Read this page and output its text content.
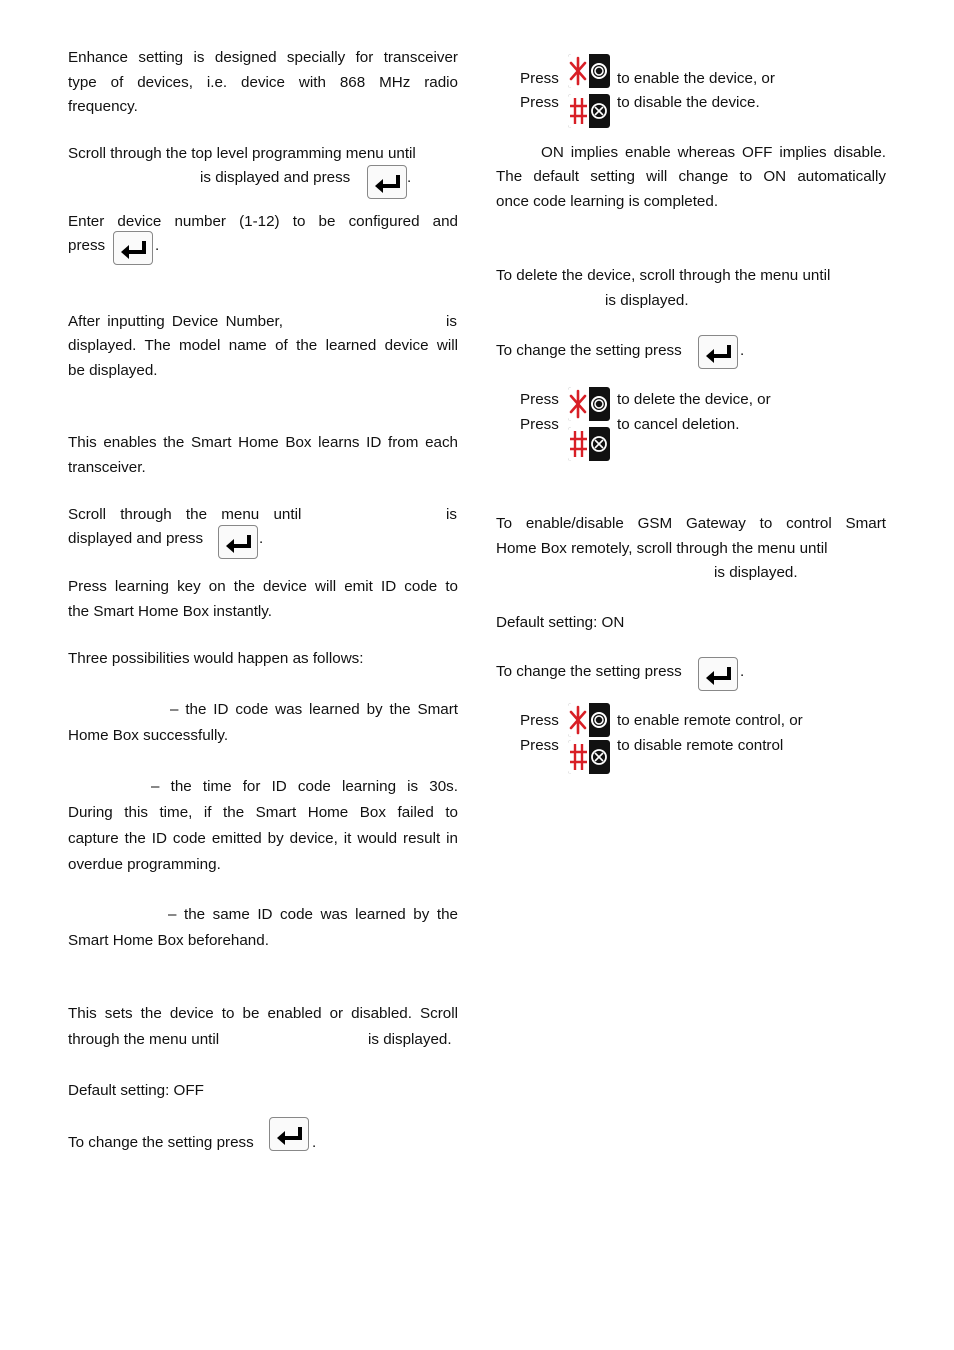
Enhance setting is designed specially for transceiver
type of devices, i.e. device with 868 MHz radio
frequency.
Scroll through the top level programming menu until
is displayed and press	.
Enter device number (1-12) to be configured and
press	.
After inputting Device Number,	is
displayed. The model name of the learned device will
be displayed.
This enables the Smart Home Box learns ID from each
transceiver.
Scroll through the menu until	is
displayed and press	.
Press learning key on the device will emit ID code to
the Smart Home Box instantly.
Three possibilities would happen as follows:
– the ID code was learned by the Smart
Home Box successfully.
– the time for ID code learning is 30s.
During this time, if the Smart Home Box failed to
capture the ID code emitted by device, it would result in
overdue programming.
– the same ID code was learned by the
Smart Home Box beforehand.
This sets the device to be enabled or disabled. Scroll
through the menu until	is displayed.
Default setting: OFF
To change the setting press	.
Press	to enable the device, or
Press	to disable the device.
ON implies enable whereas OFF implies disable.
The default setting will change to ON automatically
once code learning is completed.
To delete the device, scroll through the menu until
is displayed.
To change the setting press	.
Press	to delete the device, or
Press	to cancel deletion.
To enable/disable GSM Gateway to control Smart
Home Box remotely, scroll through the menu until
is displayed.
Default setting: ON
To change the setting press	.
Press	to enable remote control, or
Press	to disable remote control
